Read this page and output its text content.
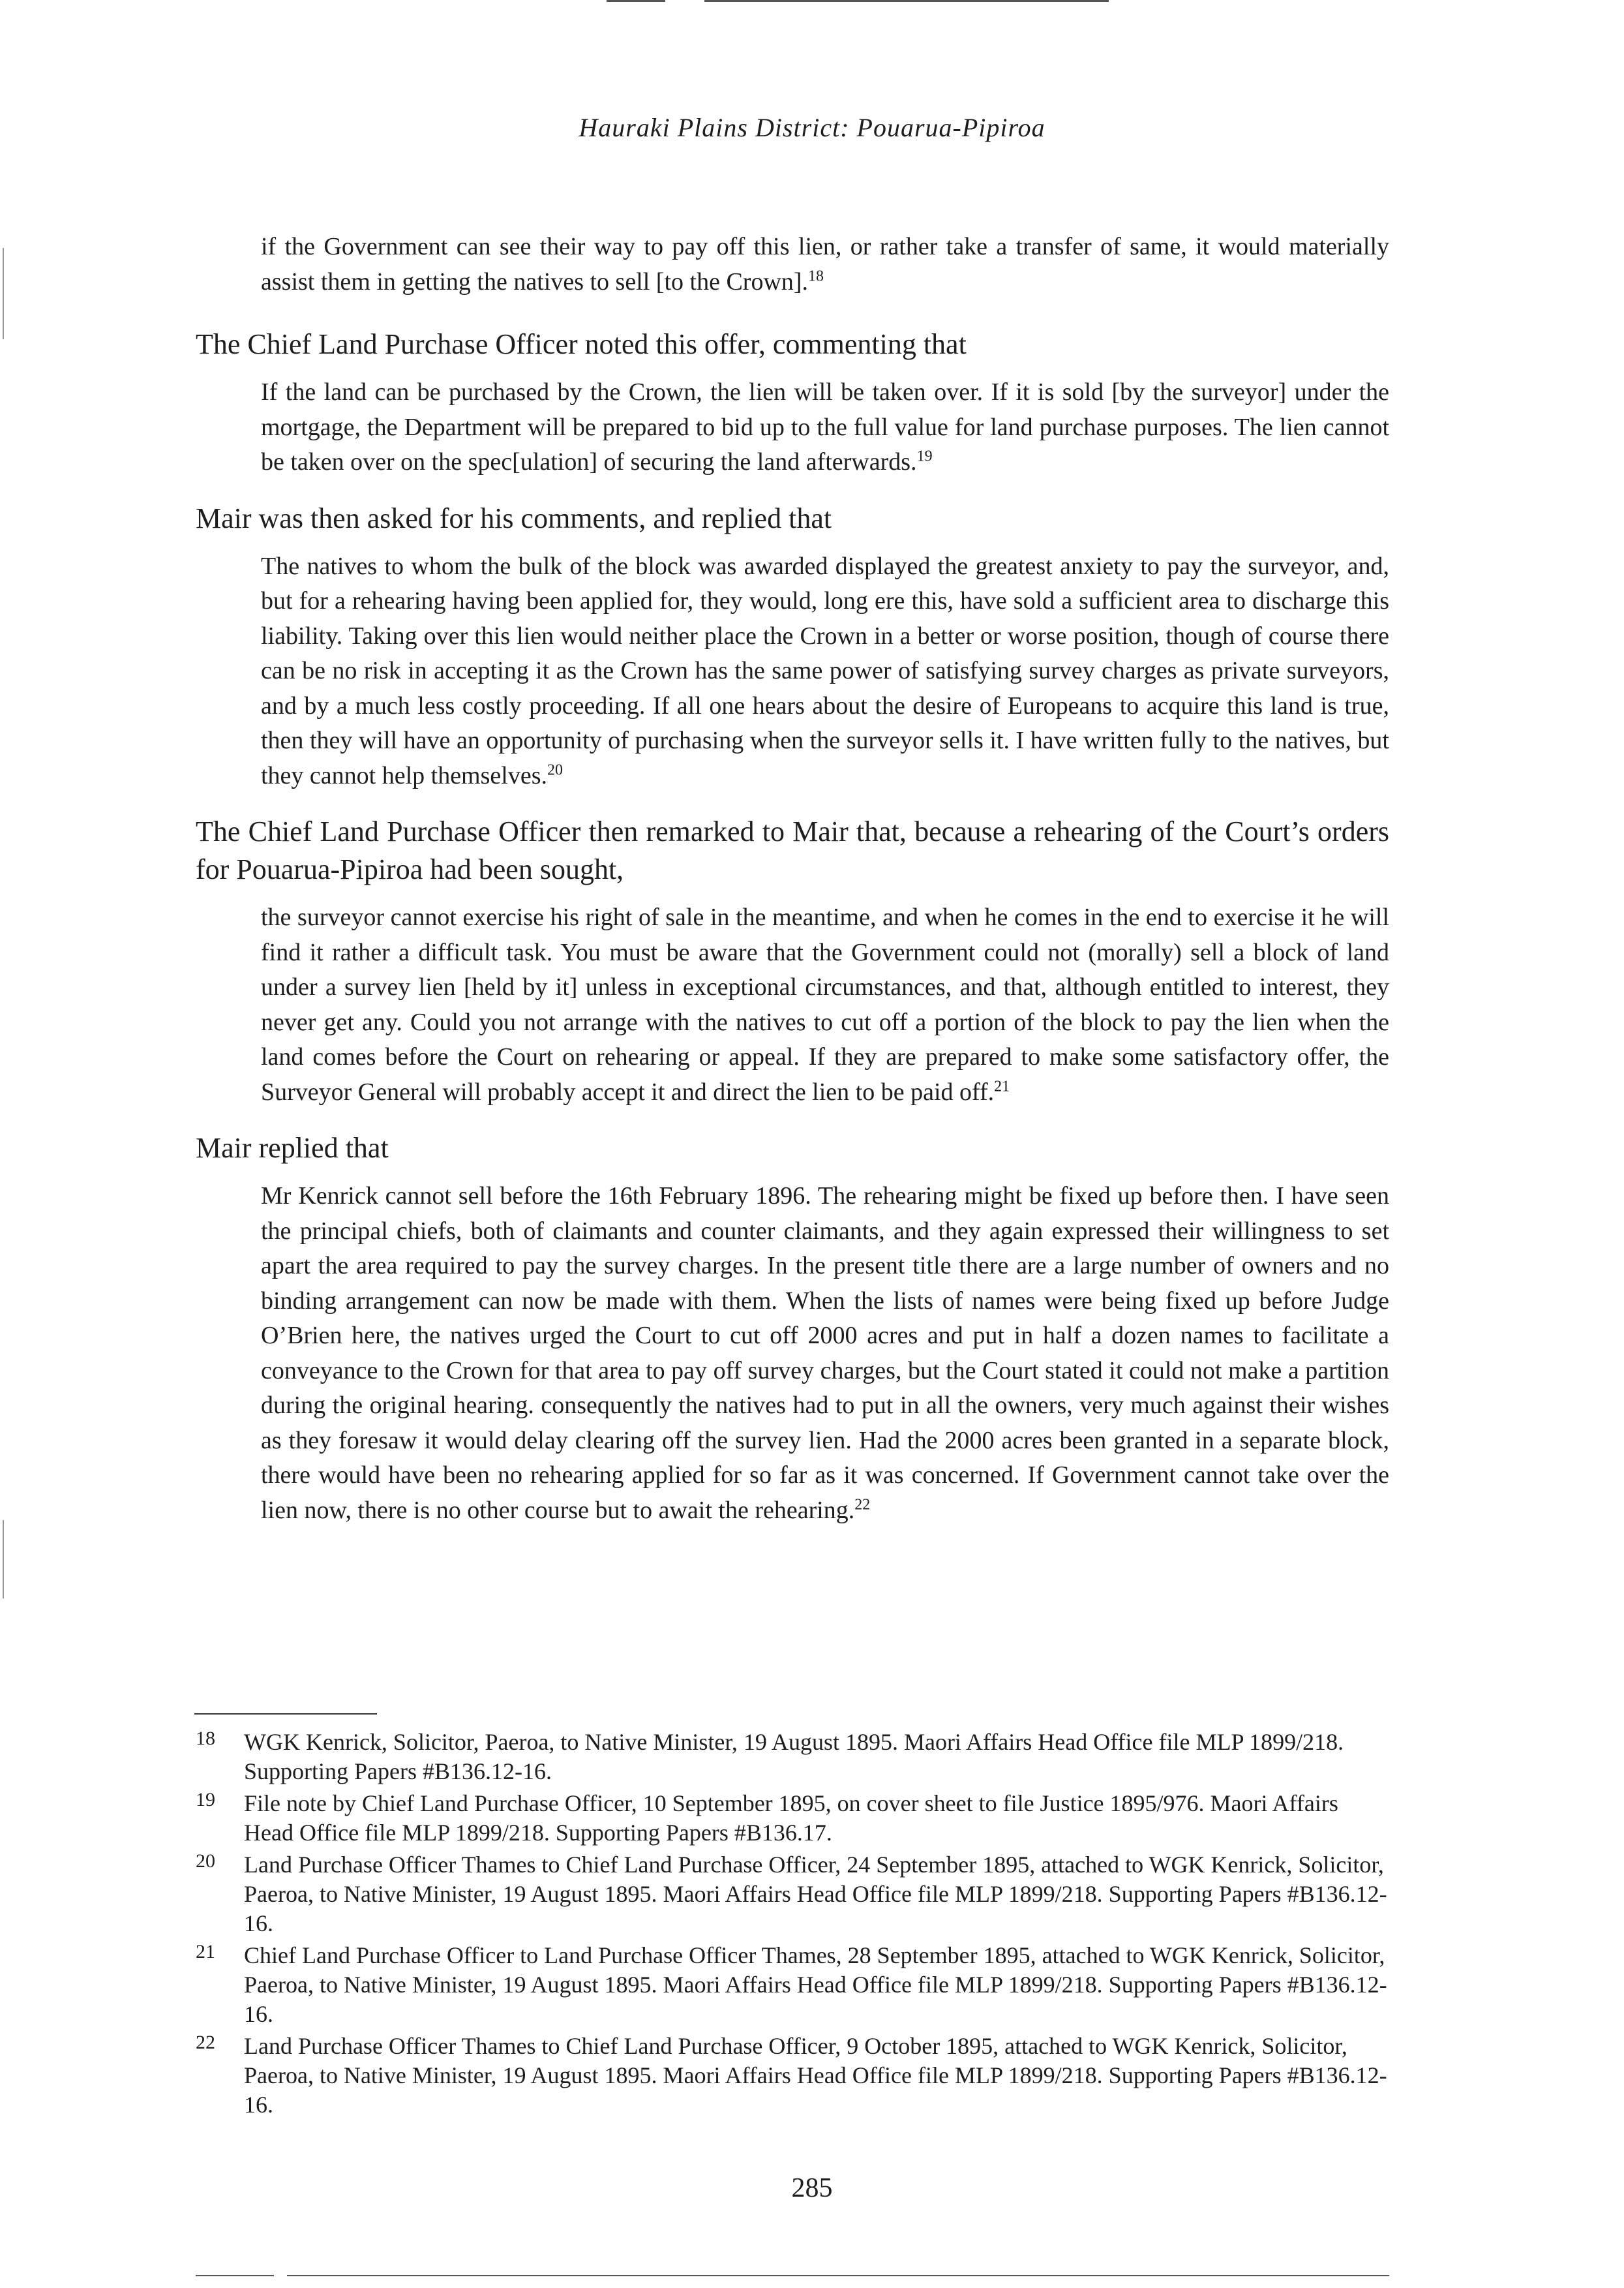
Hauraki Plains District: Pouarua-Pipiroa
if the Government can see their way to pay off this lien, or rather take a transfer of same, it would materially assist them in getting the natives to sell [to the Crown].$^{18}$
The Chief Land Purchase Officer noted this offer, commenting that
If the land can be purchased by the Crown, the lien will be taken over. If it is sold [by the surveyor] under the mortgage, the Department will be prepared to bid up to the full value for land purchase purposes. The lien cannot be taken over on the spec[ulation] of securing the land afterwards.$^{19}$
Mair was then asked for his comments, and replied that
The natives to whom the bulk of the block was awarded displayed the greatest anxiety to pay the surveyor, and, but for a rehearing having been applied for, they would, long ere this, have sold a sufficient area to discharge this liability. Taking over this lien would neither place the Crown in a better or worse position, though of course there can be no risk in accepting it as the Crown has the same power of satisfying survey charges as private surveyors, and by a much less costly proceeding. If all one hears about the desire of Europeans to acquire this land is true, then they will have an opportunity of purchasing when the surveyor sells it. I have written fully to the natives, but they cannot help themselves.$^{20}$
The Chief Land Purchase Officer then remarked to Mair that, because a rehearing of the Court’s orders for Pouarua-Pipiroa had been sought,
the surveyor cannot exercise his right of sale in the meantime, and when he comes in the end to exercise it he will find it rather a difficult task. You must be aware that the Government could not (morally) sell a block of land under a survey lien [held by it] unless in exceptional circumstances, and that, although entitled to interest, they never get any. Could you not arrange with the natives to cut off a portion of the block to pay the lien when the land comes before the Court on rehearing or appeal. If they are prepared to make some satisfactory offer, the Surveyor General will probably accept it and direct the lien to be paid off.$^{21}$
Mair replied that
Mr Kenrick cannot sell before the 16th February 1896. The rehearing might be fixed up before then. I have seen the principal chiefs, both of claimants and counter claimants, and they again expressed their willingness to set apart the area required to pay the survey charges. In the present title there are a large number of owners and no binding arrangement can now be made with them. When the lists of names were being fixed up before Judge O’Brien here, the natives urged the Court to cut off 2000 acres and put in half a dozen names to facilitate a conveyance to the Crown for that area to pay off survey charges, but the Court stated it could not make a partition during the original hearing. consequently the natives had to put in all the owners, very much against their wishes as they foresaw it would delay clearing off the survey lien. Had the 2000 acres been granted in a separate block, there would have been no rehearing applied for so far as it was concerned. If Government cannot take over the lien now, there is no other course but to await the rehearing.$^{22}$
18 WGK Kenrick, Solicitor, Paeroa, to Native Minister, 19 August 1895. Maori Affairs Head Office file MLP 1899/218. Supporting Papers #B136.12-16.
19 File note by Chief Land Purchase Officer, 10 September 1895, on cover sheet to file Justice 1895/976. Maori Affairs Head Office file MLP 1899/218. Supporting Papers #B136.17.
20 Land Purchase Officer Thames to Chief Land Purchase Officer, 24 September 1895, attached to WGK Kenrick, Solicitor, Paeroa, to Native Minister, 19 August 1895. Maori Affairs Head Office file MLP 1899/218. Supporting Papers #B136.12-16.
21 Chief Land Purchase Officer to Land Purchase Officer Thames, 28 September 1895, attached to WGK Kenrick, Solicitor, Paeroa, to Native Minister, 19 August 1895. Maori Affairs Head Office file MLP 1899/218. Supporting Papers #B136.12-16.
22 Land Purchase Officer Thames to Chief Land Purchase Officer, 9 October 1895, attached to WGK Kenrick, Solicitor, Paeroa, to Native Minister, 19 August 1895. Maori Affairs Head Office file MLP 1899/218. Supporting Papers #B136.12-16.
285
